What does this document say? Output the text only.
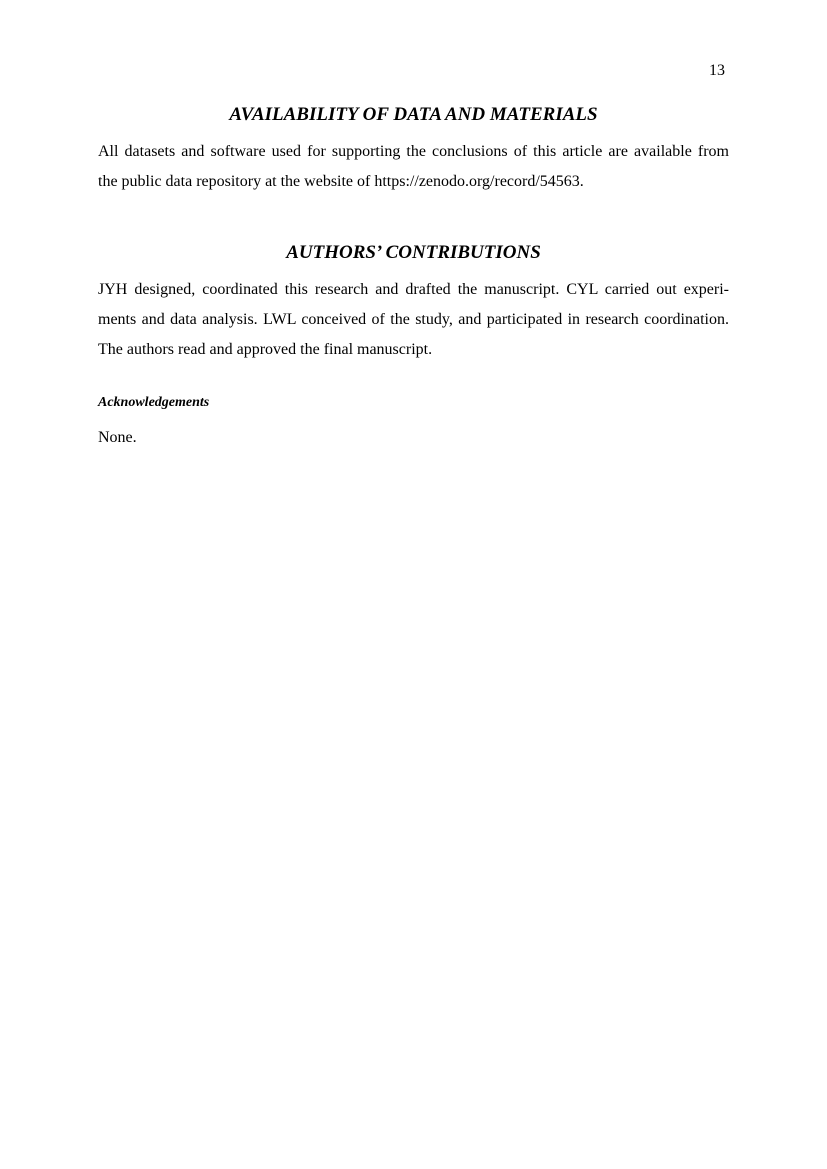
13
AVAILABILITY OF DATA AND MATERIALS
All datasets and software used for supporting the conclusions of this article are available from
the public data repository at the website of https://zenodo.org/record/54563.
AUTHORS’ CONTRIBUTIONS
JYH designed, coordinated this research and drafted the manuscript. CYL carried out experi-
ments and data analysis. LWL conceived of the study, and participated in research coordination.
The authors read and approved the final manuscript.
Acknowledgements

None.
